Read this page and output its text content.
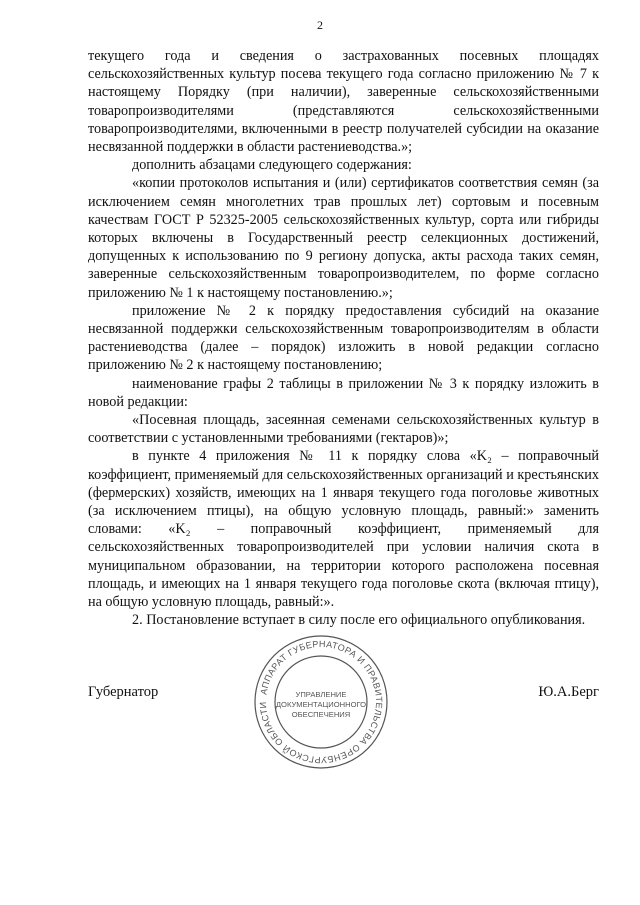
2

текущего года и сведения о застрахованных посевных площадях сельскохозяйственных культур посева текущего года согласно приложению № 7 к настоящему Порядку (при наличии), заверенные сельскохозяйственными товаропроизводителями (представляются сельскохозяйственными товаропроизводителями, включенными в реестр получателей субсидии на оказание несвязанной поддержки в области растениеводства.»;

дополнить абзацами следующего содержания:

«копии протоколов испытания и (или) сертификатов соответствия семян (за исключением семян многолетних трав прошлых лет) сортовым и посевным качествам ГОСТ Р 52325-2005 сельскохозяйственных культур, сорта или гибриды которых включены в Государственный реестр селекционных достижений, допущенных к использованию по 9 региону допуска, акты расхода таких семян, заверенные сельскохозяйственным товаропроизводителем, по форме согласно приложению № 1 к настоящему постановлению.»;

приложение № 2 к порядку предоставления субсидий на оказание несвязанной поддержки сельскохозяйственным товаропроизводителям в области растениеводства (далее – порядок) изложить в новой редакции согласно приложению № 2 к настоящему постановлению;

наименование графы 2 таблицы в приложении № 3 к порядку изложить в новой редакции:

«Посевная площадь, засеянная семенами сельскохозяйственных культур в соответствии с установленными требованиями (гектаров)»;

в пункте 4 приложения № 11 к порядку слова «K₂ – поправочный коэффициент, применяемый для сельскохозяйственных организаций и крестьянских (фермерских) хозяйств, имеющих на 1 января текущего года поголовье животных (за исключением птицы), на общую условную площадь, равный:» заменить словами: «K₂ – поправочный коэффициент, применяемый для сельскохозяйственных товаропроизводителей при условии наличия скота в муниципальном образовании, на территории которого расположена посевная площадь, и имеющих на 1 января текущего года поголовье скота (включая птицу), на общую условную площадь, равный:».

2. Постановление вступает в силу после его официального опубликования.

АППАРАТ ГУБЕРНАТОРА И ПРАВИТЕЛЬСТВА ОРЕНБУРГСКОЙ ОБЛАСТИ
УПРАВЛЕНИЕ
ДОКУМЕНТАЦИОННОГО
ОБЕСПЕЧЕНИЯ
Губернатор	Ю.А.Берг
